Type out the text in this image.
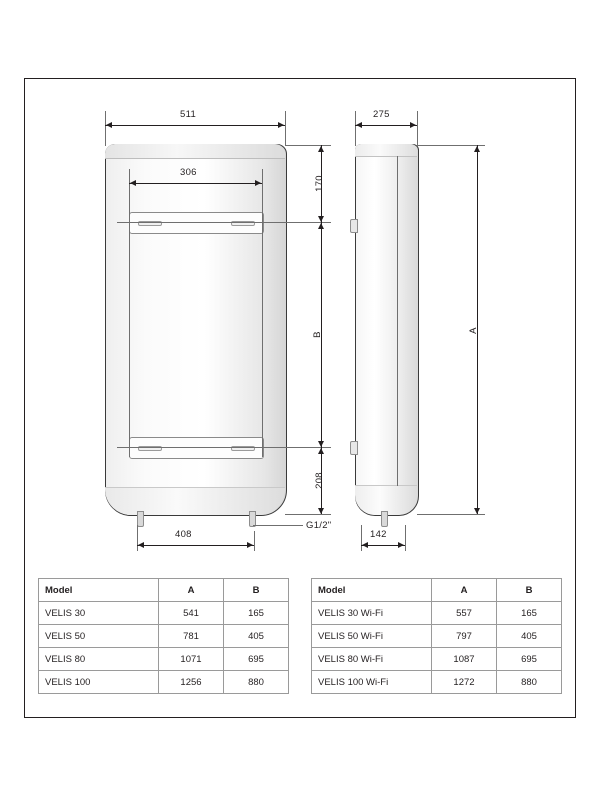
G1/2"
511
306
408
170
B
208
275
A
142
Model	A	B
VELIS 30	541	165
VELIS 50	781	405
VELIS 80	1071	695
VELIS 100	1256	880
Model	A	B
VELIS 30 Wi-Fi	557	165
VELIS 50 Wi-Fi	797	405
VELIS 80 Wi-Fi	1087	695
VELIS 100 Wi-Fi	1272	880
